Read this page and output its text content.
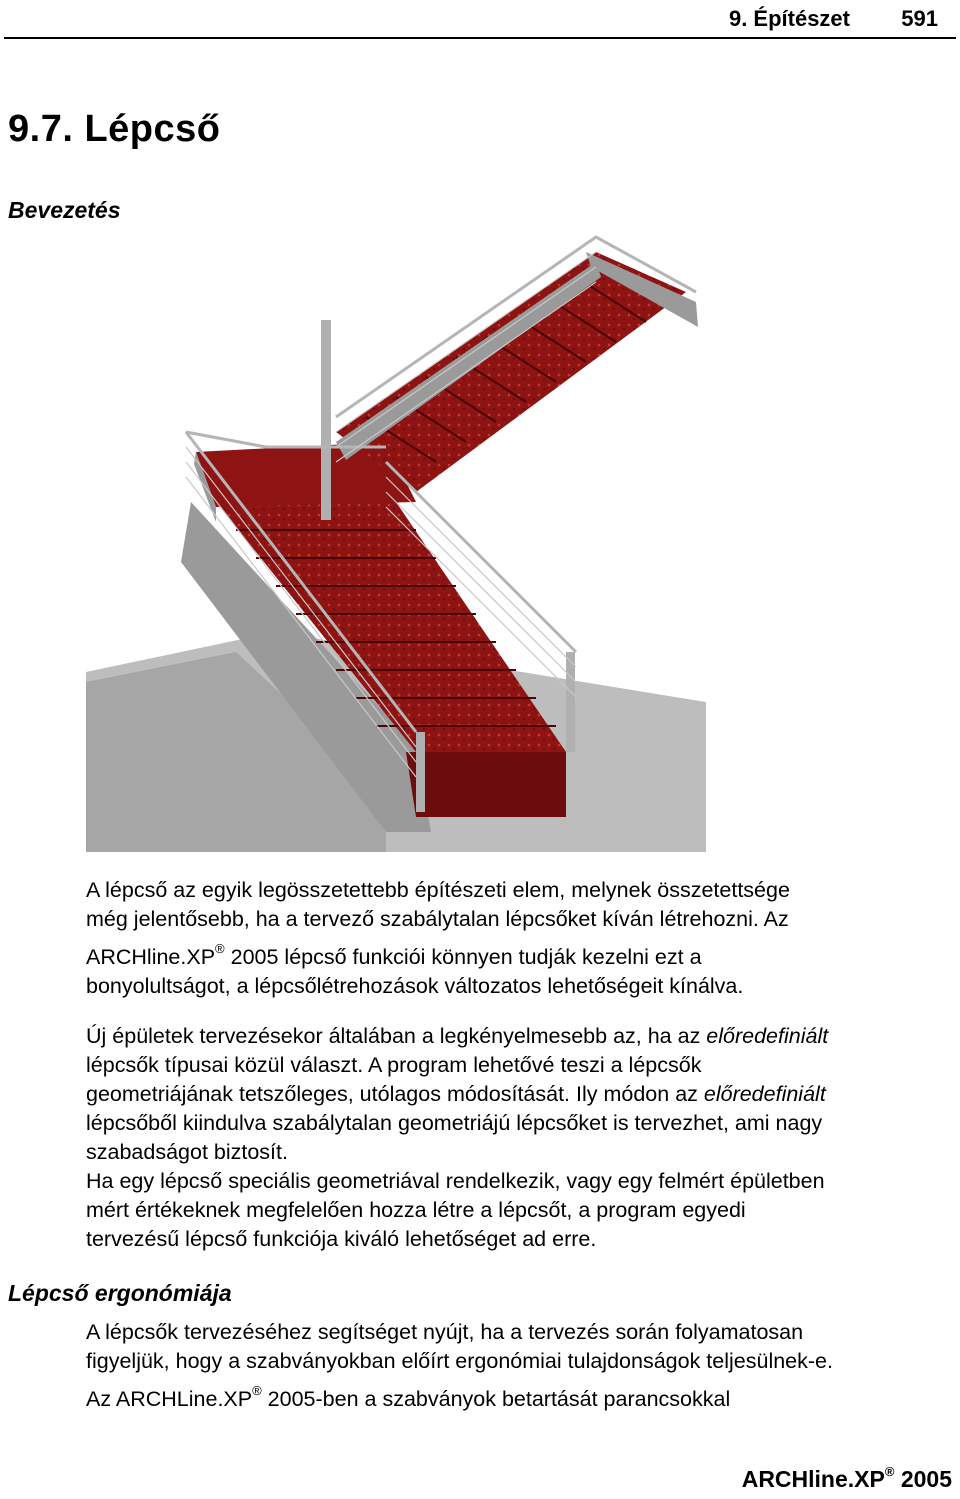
9. Építészet 591
9.7. Lépcső
Bevezetés

A lépcső az egyik legösszetettebb építészeti elem, melynek összetettsége

még jelentősebb, ha a tervező szabálytalan lépcsőket kíván létrehozni. Az

ARCHline.XP® 2005 lépcső funkciói könnyen tudják kezelni ezt a

bonyolultságot, a lépcsőlétrehozások változatos lehetőségeit kínálva.

Új épületek tervezésekor általában a legkényelmesebb az, ha az előredefiniált

lépcsők típusai közül választ. A program lehetővé teszi a lépcsők

geometriájának tetszőleges, utólagos módosítását. Ily módon az előredefiniált

lépcsőből kiindulva szabálytalan geometriájú lépcsőket is tervezhet, ami nagy

szabadságot biztosít.

Ha egy lépcső speciális geometriával rendelkezik, vagy egy felmért épületben

mért értékeknek megfelelően hozza létre a lépcsőt, a program egyedi

tervezésű lépcső funkciója kiváló lehetőséget ad erre.

Lépcső ergonómiája

A lépcsők tervezéséhez segítséget nyújt, ha a tervezés során folyamatosan

figyeljük, hogy a szabványokban előírt ergonómiai tulajdonságok teljesülnek-e.

Az ARCHLine.XP® 2005-ben a szabványok betartását parancsokkal

ARCHline.XP® 2005
